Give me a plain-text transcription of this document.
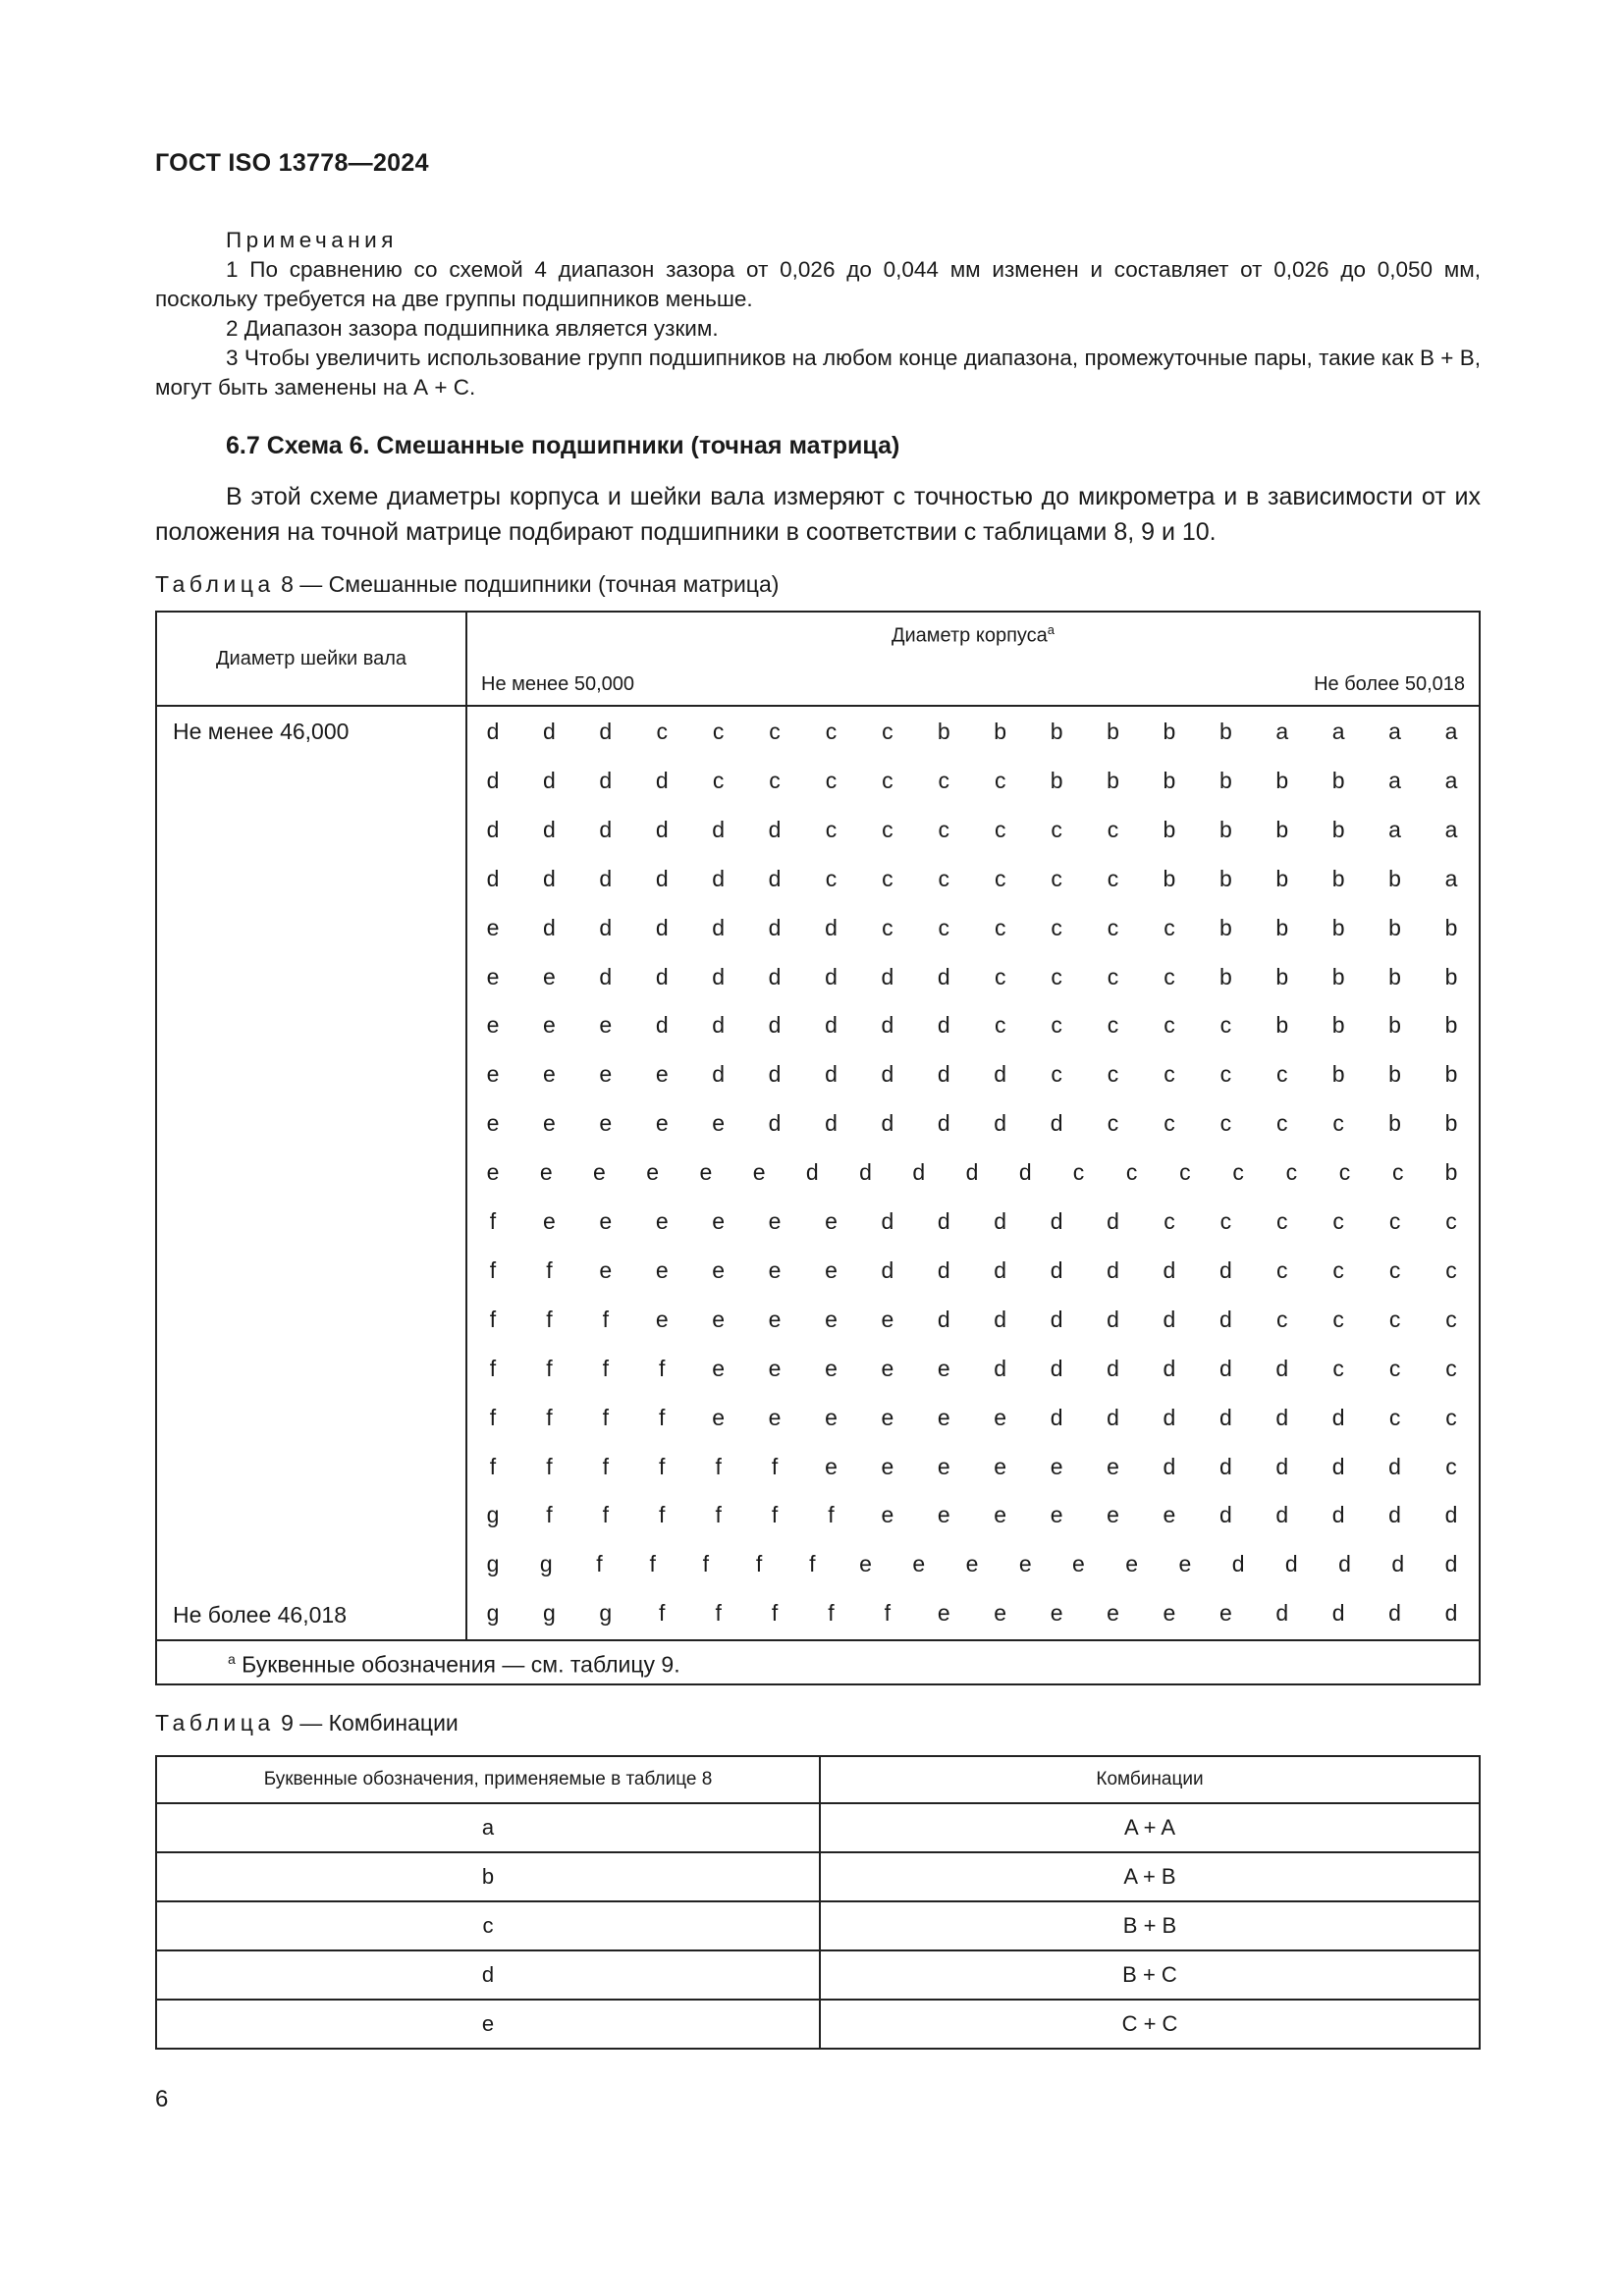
ГОСТ ISO 13778—2024
Примечания

1 По сравнению со схемой 4 диапазон зазора от 0,026 до 0,044 мм изменен и составляет от 0,026 до 0,050 мм, поскольку требуется на две группы подшипников меньше.

2 Диапазон зазора подшипника является узким.

3 Чтобы увеличить использование групп подшипников на любом конце диапазона, промежуточные пары, такие как В + В, могут быть заменены на А + С.

6.7 Схема 6. Смешанные подшипники (точная матрица)

В этой схеме диаметры корпуса и шейки вала измеряют с точностью до микрометра и в зависимости от их положения на точной матрице подбирают подшипники в соответствии с таблицами 8, 9 и 10.

Таблица 8 — Смешанные подшипники (точная матрица)
Диаметр шейки вала
Диаметр корпуса$^a$
Не менее 50,000	Не более 50,018
Не менее 46,000
Не более 46,018
d d d c c c c c b b b b b b a a a a
d d d d c c c c c c b b b b b b a a
d d d d d d c c c c c c b b b b a a
d d d d d d c c c c c c b b b b b a
e d d d d d d c c c c c c b b b b b
e e d d d d d d d c c c c b b b b b
e e e d d d d d d c c c c c b b b b
e e e e d d d d d d c c c c c b b b
e e e e e d d d d d d c c c c c b b
e e e e e e d d d d d c c c c c c c b
f e e e e e e d d d d d c c c c c c
f f e e e e e d d d d d d d c c c c
f f f e e e e e d d d d d d c c c c
f f f f e e e e e d d d d d d c c c
f f f f e e e e e e d d d d d d c c
f f f f f f e e e e e e d d d d d c
g f f f f f f e e e e e e d d d d d
g g f f f f f e e e e e e e d d d d d
g g g f f f f f e e e e e e d d d d
$^a$ Буквенные обозначения — см. таблицу 9.
Таблица 9 — Комбинации
Буквенные обозначения, применяемые в таблице 8	Комбинации
a	A + A
b	A + B
c	B + B
d	B + C
e	C + C
6
